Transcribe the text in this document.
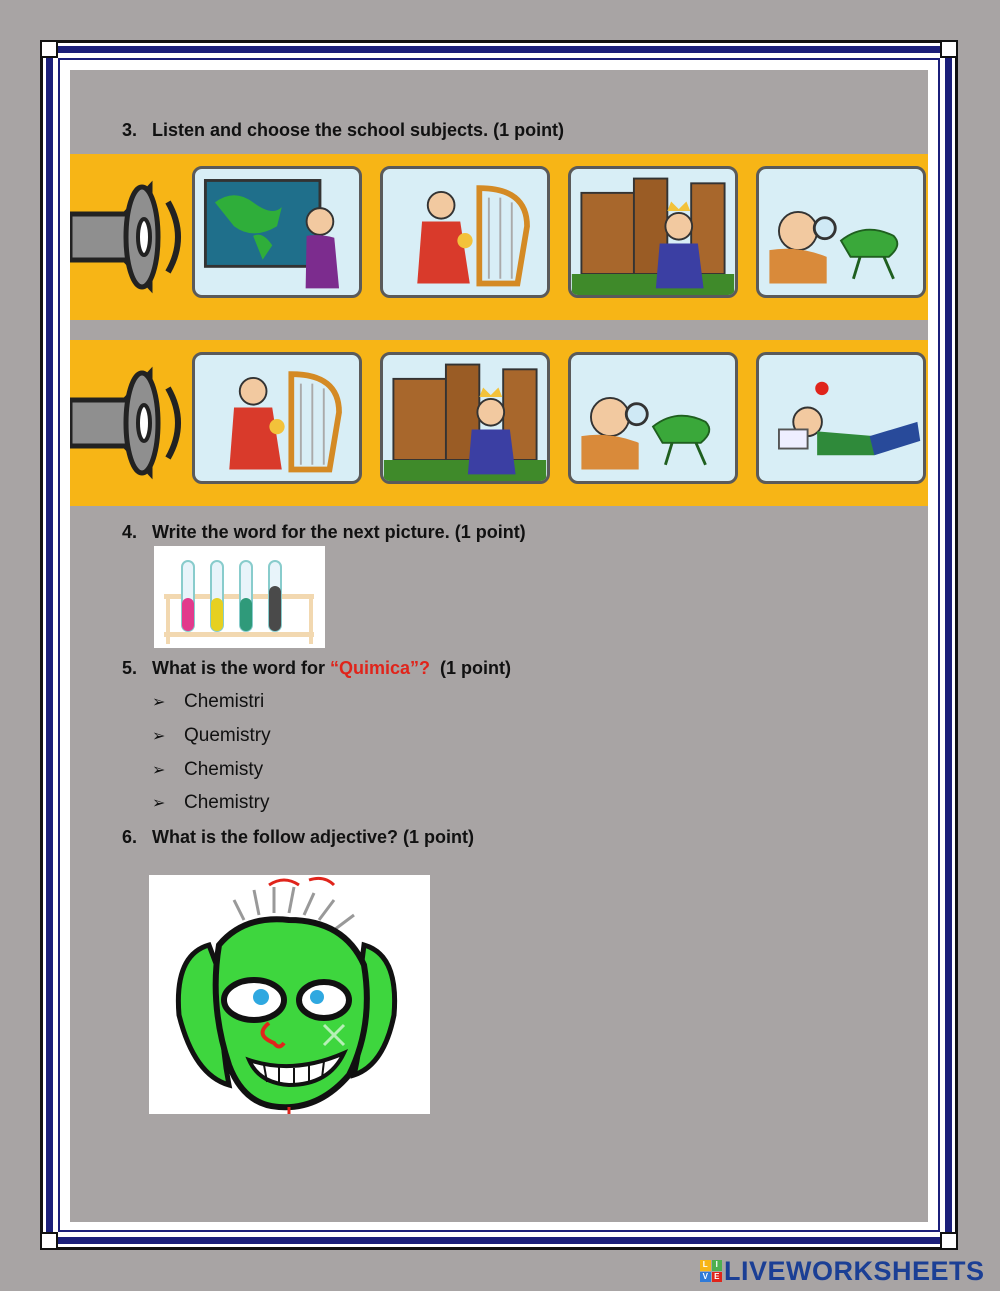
3. Listen and choose the school subjects. (1 point)
4. Write the word for the next picture. (1 point)
5. What is the word for “Quimica”?  (1 point)
➢ Chemistri
➢ Quemistry
➢ Chemisty
➢ Chemistry
6. What is the follow adjective? (1 point)
L I
V E LIVEWORKSHEETS
